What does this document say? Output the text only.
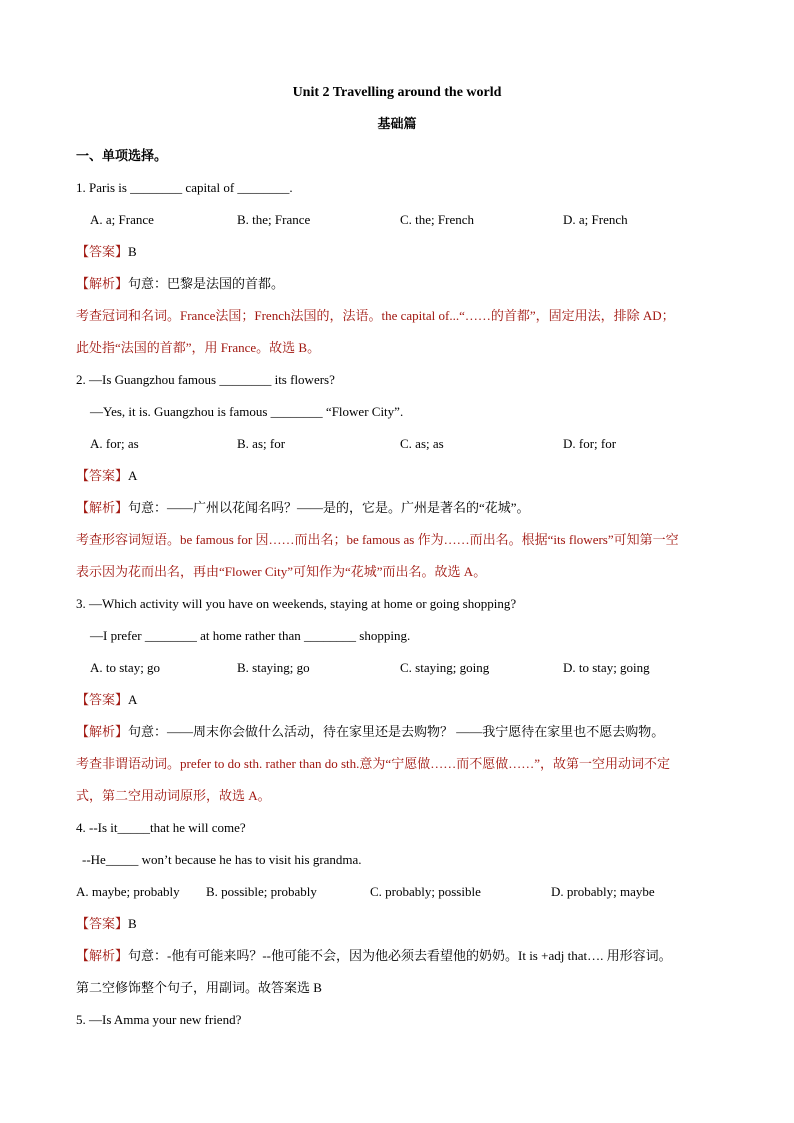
Unit 2 Travelling around the world
基础篇
一、单项选择。
1. Paris is ________ capital of ________.
A. a; France	B. the; France	C. the; French	D. a; French
【答案】B
【解析】句意：巴黎是法国的首都。
考查冠词和名词。France法国；French法国的，法语。the capital of...“……的首都”，固定用法，排除 AD；
此处指“法国的首都”，用 France。故选 B。
2. —Is Guangzhou famous ________ its flowers?
—Yes, it is. Guangzhou is famous ________ “Flower City”.
A. for; as	B. as; for	C. as; as	D. for; for
【答案】A
【解析】句意：——广州以花闻名吗？——是的，它是。广州是著名的“花城”。
考查形容词短语。be famous for 因……而出名；be famous as 作为……而出名。根据“its flowers”可知第一空
表示因为花而出名，再由“Flower City”可知作为“花城”而出名。故选 A。
3. —Which activity will you have on weekends, staying at home or going shopping?
—I prefer ________ at home rather than ________ shopping.
A. to stay; go	B. staying; go	C. staying; going	D. to stay; going
【答案】A
【解析】句意：——周末你会做什么活动，待在家里还是去购物？ ——我宁愿待在家里也不愿去购物。
考查非谓语动词。prefer to do sth. rather than do sth.意为“宁愿做……而不愿做……”，故第一空用动词不定
式，第二空用动词原形，故选 A。
4. --Is it_____that he will come?
--He_____ won’t because he has to visit his grandma.
A. maybe; probably B. possible; probably	C. probably; possible	D. probably; maybe
【答案】B
【解析】句意：-他有可能来吗？--他可能不会，因为他必须去看望他的奶奶。It is +adj that…. 用形容词。
第二空修饰整个句子，用副词。故答案选 B
5. —Is Amma your new friend?
